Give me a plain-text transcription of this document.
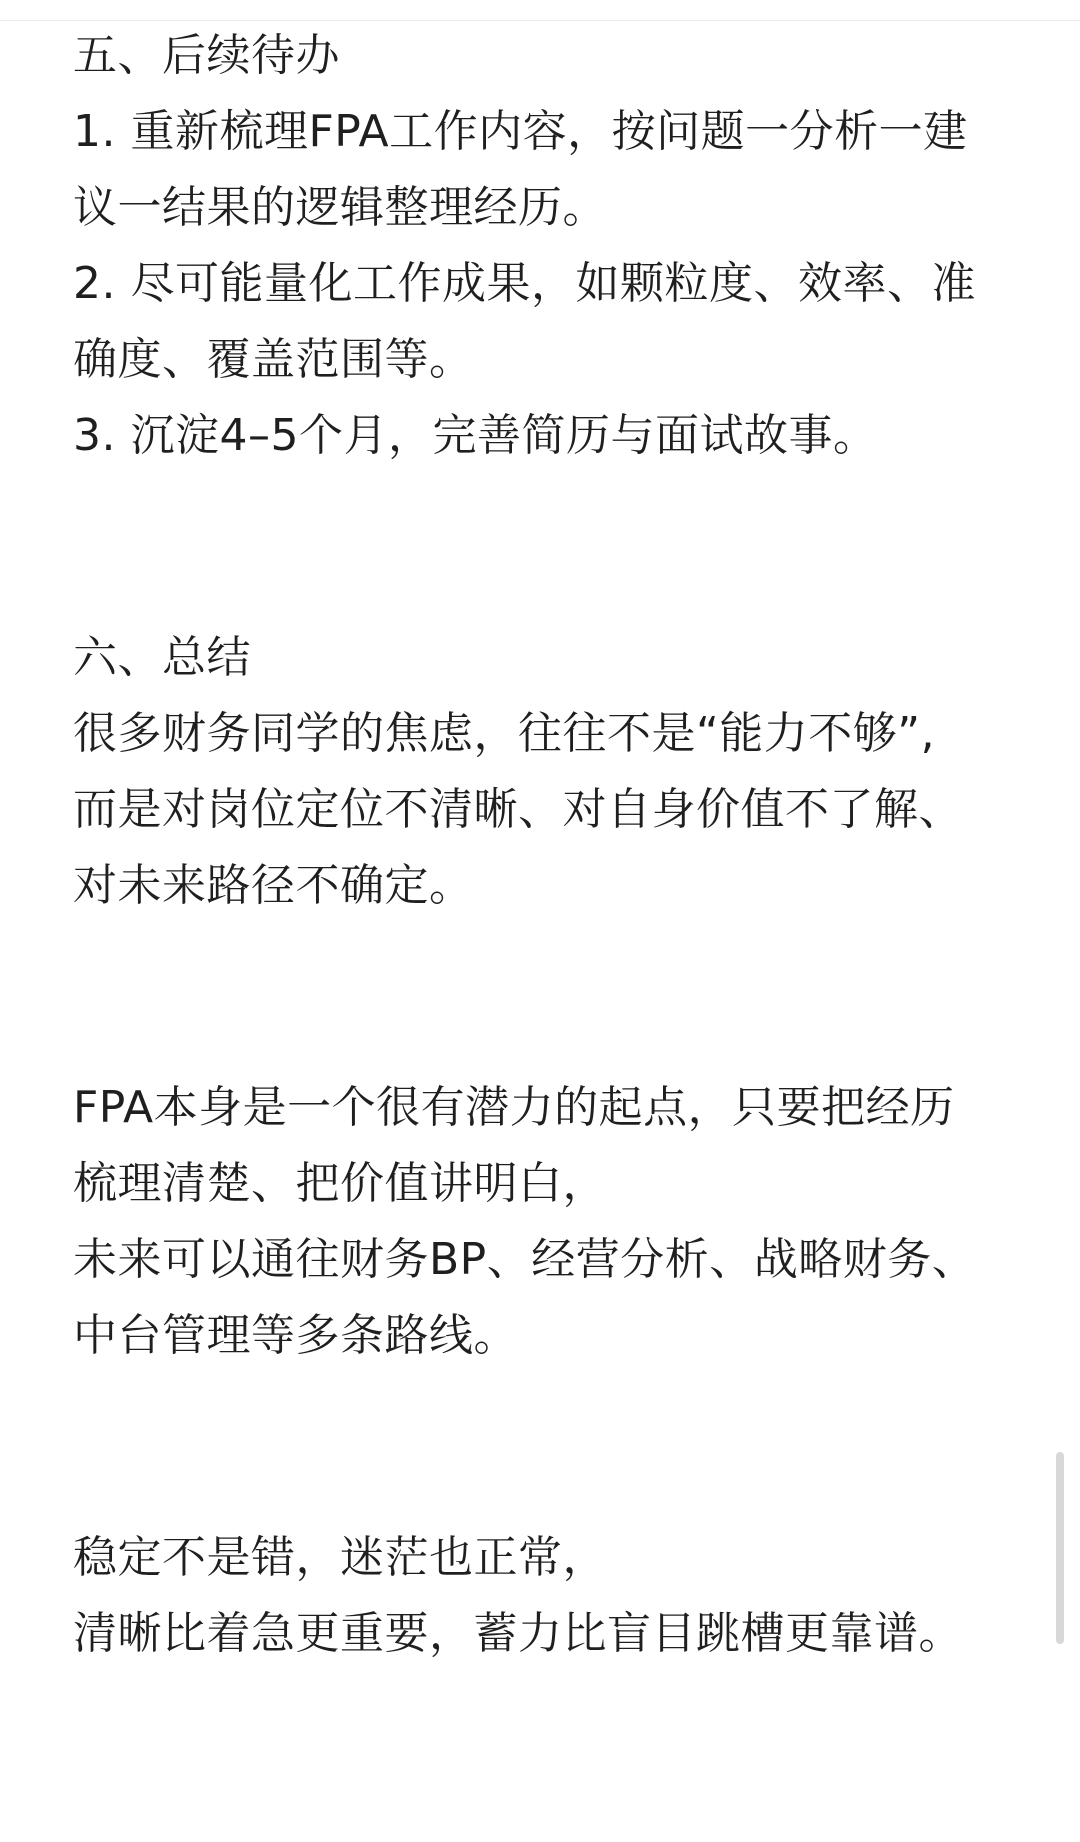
五、后续待办

1. 重新梳理FPA工作内容，按问题一分析一建议一结果的逻辑整理经历。

2. 尽可能量化工作成果，如颗粒度、效率、准确度、覆盖范围等。

3. 沉淀4–5个月，完善简历与面试故事。

六、总结

很多财务同学的焦虑，往往不是“能力不够”,

而是对岗位定位不清晰、对自身价值不了解、对未来路径不确定。

FPA本身是一个很有潜力的起点，只要把经历梳理清楚、把价值讲明白，

未来可以通往财务BP、经营分析、战略财务、中台管理等多条路线。

稳定不是错，迷茫也正常，

清晰比着急更重要，蓄力比盲目跳槽更靠谱。
